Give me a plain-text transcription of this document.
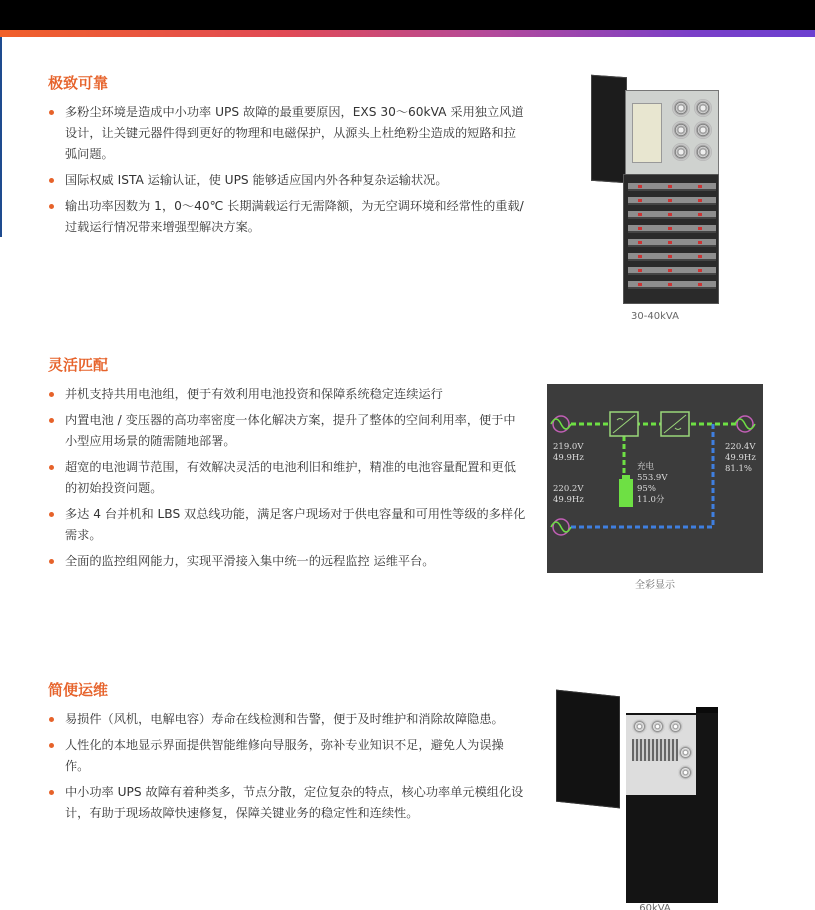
极致可靠
多粉尘环境是造成中小功率 UPS 故障的最重要原因，EXS 30～60kVA 采用独立风道设计，让关键元器件得到更好的物理和电磁保护，从源头上杜绝粉尘造成的短路和拉弧问题。
国际权威 ISTA 运输认证，使 UPS 能够适应国内外各种复杂运输状况。
输出功率因数为 1，0～40℃ 长期满载运行无需降额，为无空调环境和经常性的重载/过载运行情况带来增强型解决方案。
30-40kVA
灵活匹配
并机支持共用电池组，便于有效利用电池投资和保障系统稳定连续运行
内置电池 / 变压器的高功率密度一体化解决方案，提升了整体的空间利用率，便于中小型应用场景的随需随地部署。
超宽的电池调节范围，有效解决灵活的电池利旧和维护，精准的电池容量配置和更低的初始投资问题。
多达 4 台并机和 LBS 双总线功能，满足客户现场对于供电容量和可用性等级的多样化需求。
全面的监控组网能力，实现平滑接入集中统一的远程监控 运维平台。
219.0V
49.9Hz
220.2V
49.9Hz
220.4V
49.9Hz
81.1%
充电
553.9V
95%
11.0分
全彩显示
简便运维
易损件（风机，电解电容）寿命在线检测和告警，便于及时维护和消除故障隐患。
人性化的本地显示界面提供智能维修向导服务，弥补专业知识不足，避免人为误操作。
中小功率 UPS 故障有着种类多，节点分散，定位复杂的特点，核心功率单元模组化设计，有助于现场故障快速修复，保障关键业务的稳定性和连续性。
60kVA
